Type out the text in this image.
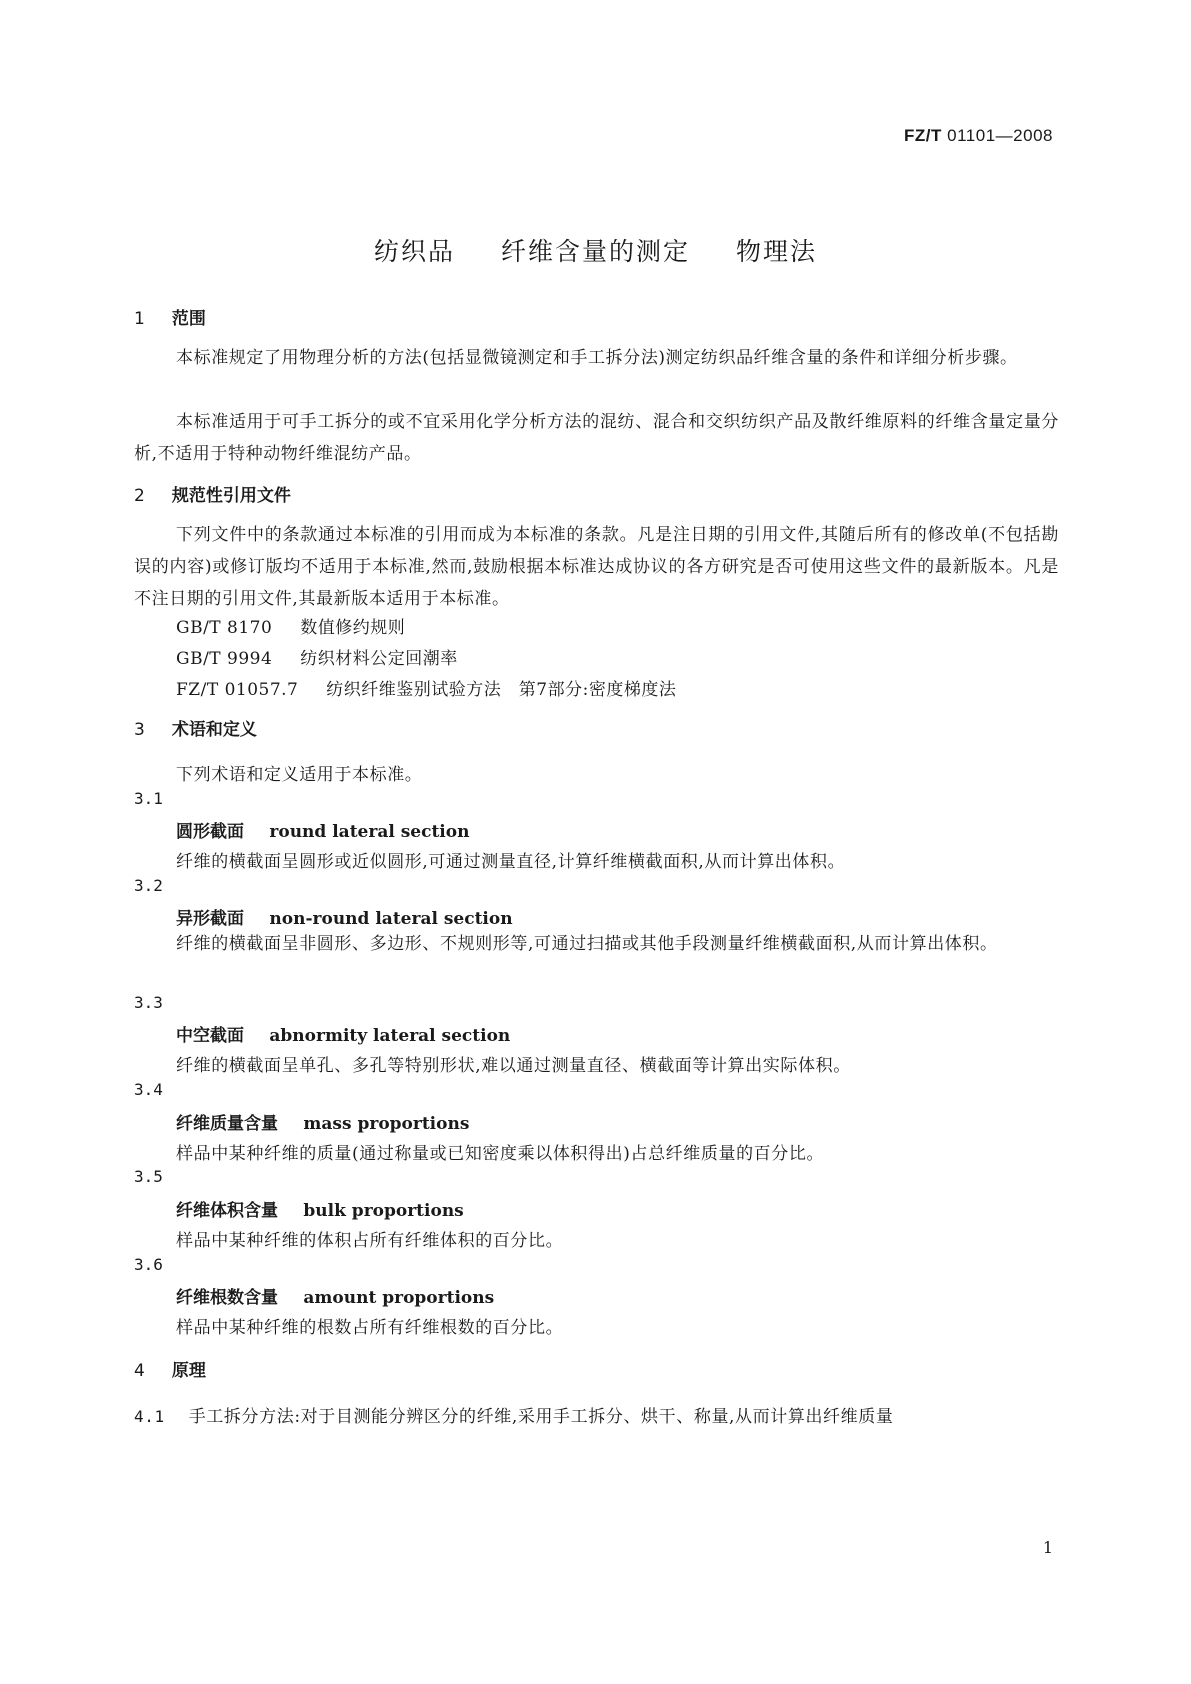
FZ/T 01101—2008
纺织品 纤维含量的测定 物理法
1 范围
本标准规定了用物理分析的方法(包括显微镜测定和手工拆分法)测定纺织品纤维含量的条件和详细分析步骤。
本标准适用于可手工拆分的或不宜采用化学分析方法的混纺、混合和交织纺织产品及散纤维原料的纤维含量定量分析,不适用于特种动物纤维混纺产品。
2 规范性引用文件
下列文件中的条款通过本标准的引用而成为本标准的条款。凡是注日期的引用文件,其随后所有的修改单(不包括勘误的内容)或修订版均不适用于本标准,然而,鼓励根据本标准达成协议的各方研究是否可使用这些文件的最新版本。凡是不注日期的引用文件,其最新版本适用于本标准。
GB/T 8170 数值修约规则
GB/T 9994 纺织材料公定回潮率
FZ/T 01057.7 纺织纤维鉴别试验方法　第7部分:密度梯度法
3 术语和定义
下列术语和定义适用于本标准。
3.1
圆形截面 round lateral section
纤维的横截面呈圆形或近似圆形,可通过测量直径,计算纤维横截面积,从而计算出体积。
3.2
异形截面 non-round lateral section
纤维的横截面呈非圆形、多边形、不规则形等,可通过扫描或其他手段测量纤维横截面积,从而计算出体积。
3.3
中空截面 abnormity lateral section
纤维的横截面呈单孔、多孔等特别形状,难以通过测量直径、横截面等计算出实际体积。
3.4
纤维质量含量 mass proportions
样品中某种纤维的质量(通过称量或已知密度乘以体积得出)占总纤维质量的百分比。
3.5
纤维体积含量 bulk proportions
样品中某种纤维的体积占所有纤维体积的百分比。
3.6
纤维根数含量 amount proportions
样品中某种纤维的根数占所有纤维根数的百分比。
4 原理
4.1 手工拆分方法:对于目测能分辨区分的纤维,采用手工拆分、烘干、称量,从而计算出纤维质量
1
